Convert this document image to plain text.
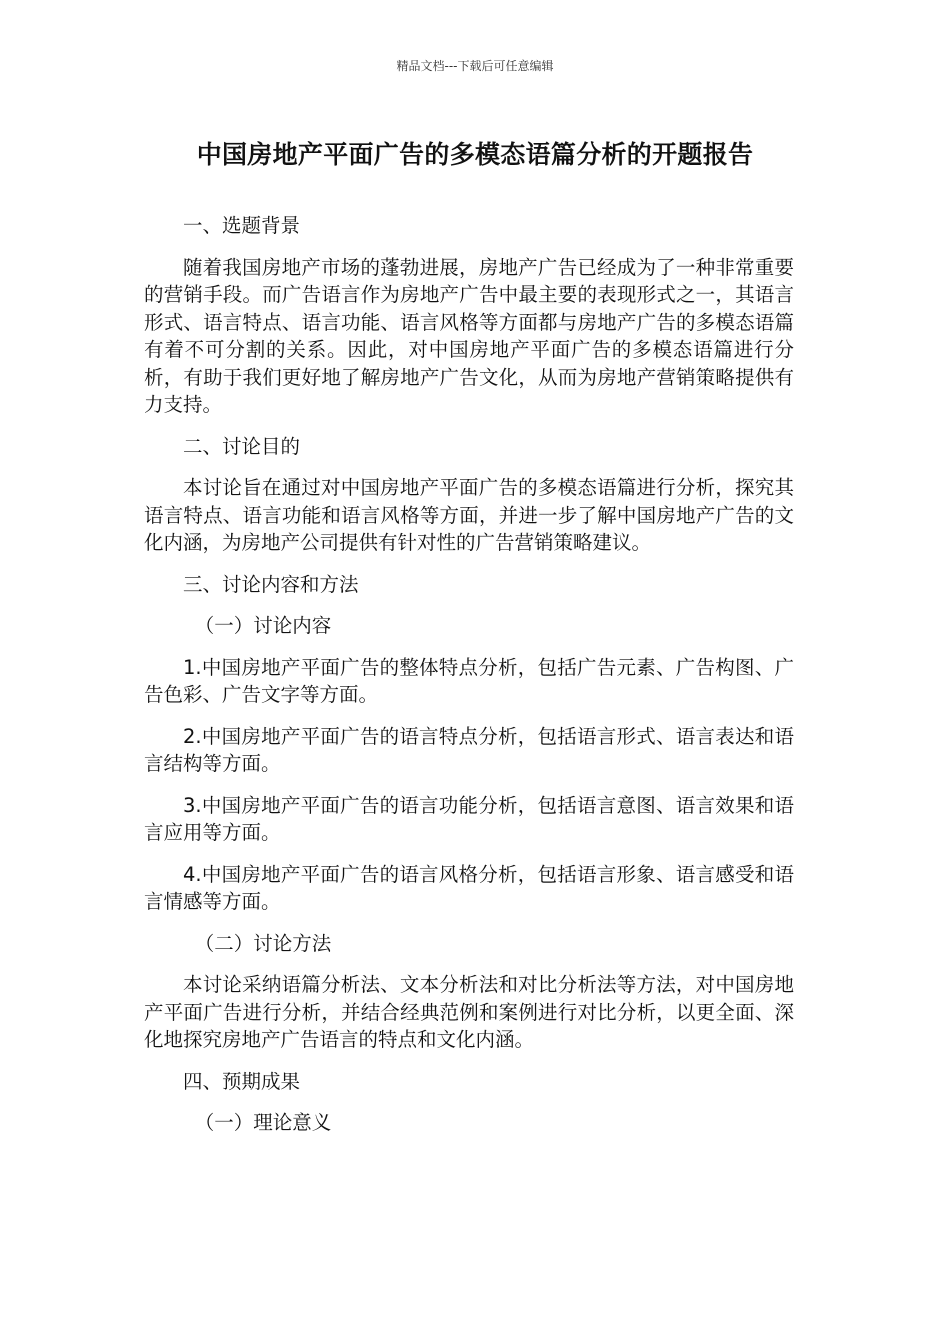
精品文档---下载后可任意编辑
中国房地产平面广告的多模态语篇分析的开题报告

一、选题背景

随着我国房地产市场的蓬勃进展，房地产广告已经成为了一种非常重要的营销手段。而广告语言作为房地产广告中最主要的表现形式之一，其语言形式、语言特点、语言功能、语言风格等方面都与房地产广告的多模态语篇有着不可分割的关系。因此，对中国房地产平面广告的多模态语篇进行分析，有助于我们更好地了解房地产广告文化，从而为房地产营销策略提供有力支持。

二、讨论目的

本讨论旨在通过对中国房地产平面广告的多模态语篇进行分析，探究其语言特点、语言功能和语言风格等方面，并进一步了解中国房地产广告的文化内涵，为房地产公司提供有针对性的广告营销策略建议。

三、讨论内容和方法

（一）讨论内容

1.中国房地产平面广告的整体特点分析，包括广告元素、广告构图、广告色彩、广告文字等方面。

2.中国房地产平面广告的语言特点分析，包括语言形式、语言表达和语言结构等方面。

3.中国房地产平面广告的语言功能分析，包括语言意图、语言效果和语言应用等方面。

4.中国房地产平面广告的语言风格分析，包括语言形象、语言感受和语言情感等方面。

（二）讨论方法

本讨论采纳语篇分析法、文本分析法和对比分析法等方法，对中国房地产平面广告进行分析，并结合经典范例和案例进行对比分析，以更全面、深化地探究房地产广告语言的特点和文化内涵。

四、预期成果

（一）理论意义
